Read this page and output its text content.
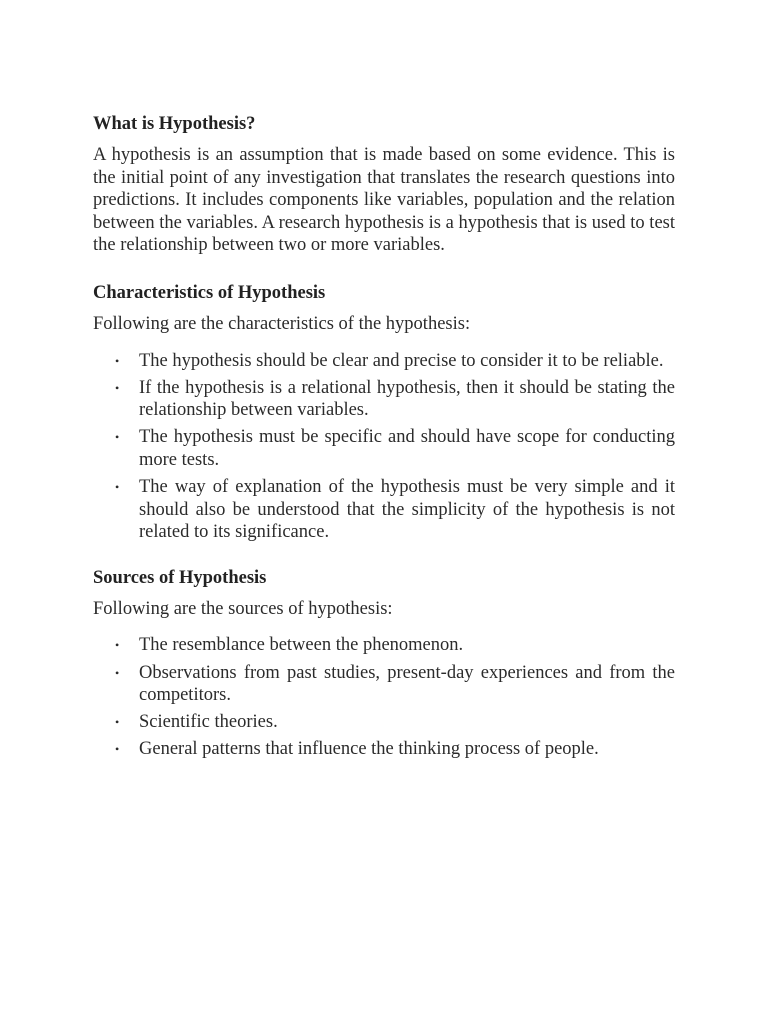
What is Hypothesis?

A hypothesis is an assumption that is made based on some evidence. This is the initial point of any investigation that translates the research questions into predictions. It includes components like variables, population and the relation between the variables. A research hypothesis is a hypothesis that is used to test the relationship between two or more variables.

Characteristics of Hypothesis

Following are the characteristics of the hypothesis:

• The hypothesis should be clear and precise to consider it to be reliable.
• If the hypothesis is a relational hypothesis, then it should be stating the relationship between variables.
• The hypothesis must be specific and should have scope for conducting more tests.
• The way of explanation of the hypothesis must be very simple and it should also be understood that the simplicity of the hypothesis is not related to its significance.
Sources of Hypothesis

Following are the sources of hypothesis:

• The resemblance between the phenomenon.
• Observations from past studies, present-day experiences and from the competitors.
• Scientific theories.
• General patterns that influence the thinking process of people.
